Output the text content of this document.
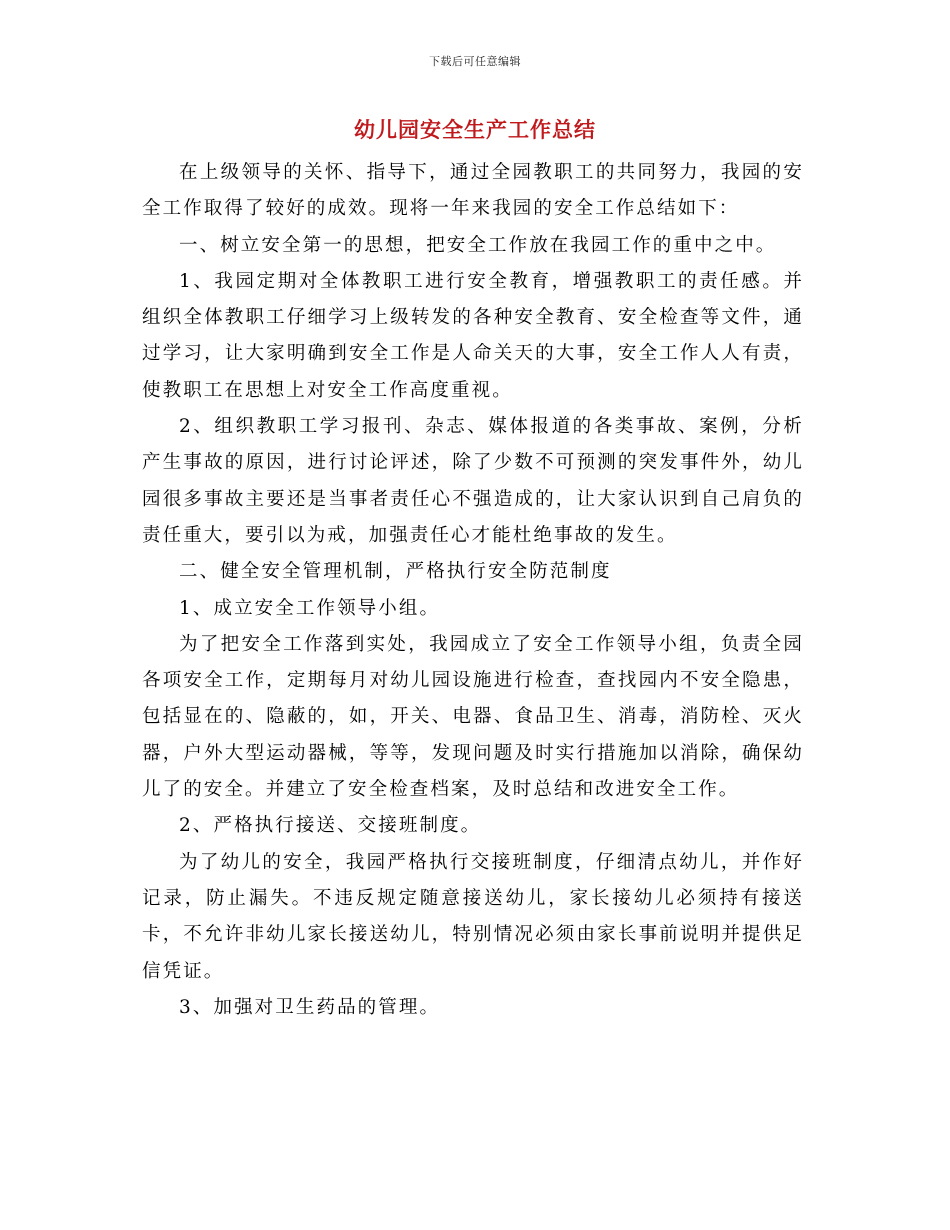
下载后可任意编辑
幼儿园安全生产工作总结

在上级领导的关怀、指导下，通过全园教职工的共同努力，我园的安全工作取得了较好的成效。现将一年来我园的安全工作总结如下：

一、树立安全第一的思想，把安全工作放在我园工作的重中之中。

1、我园定期对全体教职工进行安全教育，增强教职工的责任感。并组织全体教职工仔细学习上级转发的各种安全教育、安全检查等文件，通过学习，让大家明确到安全工作是人命关天的大事，安全工作人人有责，使教职工在思想上对安全工作高度重视。

2、组织教职工学习报刊、杂志、媒体报道的各类事故、案例，分析产生事故的原因，进行讨论评述，除了少数不可预测的突发事件外，幼儿园很多事故主要还是当事者责任心不强造成的，让大家认识到自己肩负的责任重大，要引以为戒，加强责任心才能杜绝事故的发生。

二、健全安全管理机制，严格执行安全防范制度

1、成立安全工作领导小组。

为了把安全工作落到实处，我园成立了安全工作领导小组，负责全园各项安全工作，定期每月对幼儿园设施进行检查，查找园内不安全隐患，包括显在的、隐蔽的，如，开关、电器、食品卫生、消毒，消防栓、灭火器，户外大型运动器械，等等，发现问题及时实行措施加以消除，确保幼儿了的安全。并建立了安全检查档案，及时总结和改进安全工作。

2、严格执行接送、交接班制度。

为了幼儿的安全，我园严格执行交接班制度，仔细清点幼儿，并作好记录，防止漏失。不违反规定随意接送幼儿，家长接幼儿必须持有接送卡，不允许非幼儿家长接送幼儿，特别情况必须由家长事前说明并提供足信凭证。

3、加强对卫生药品的管理。
